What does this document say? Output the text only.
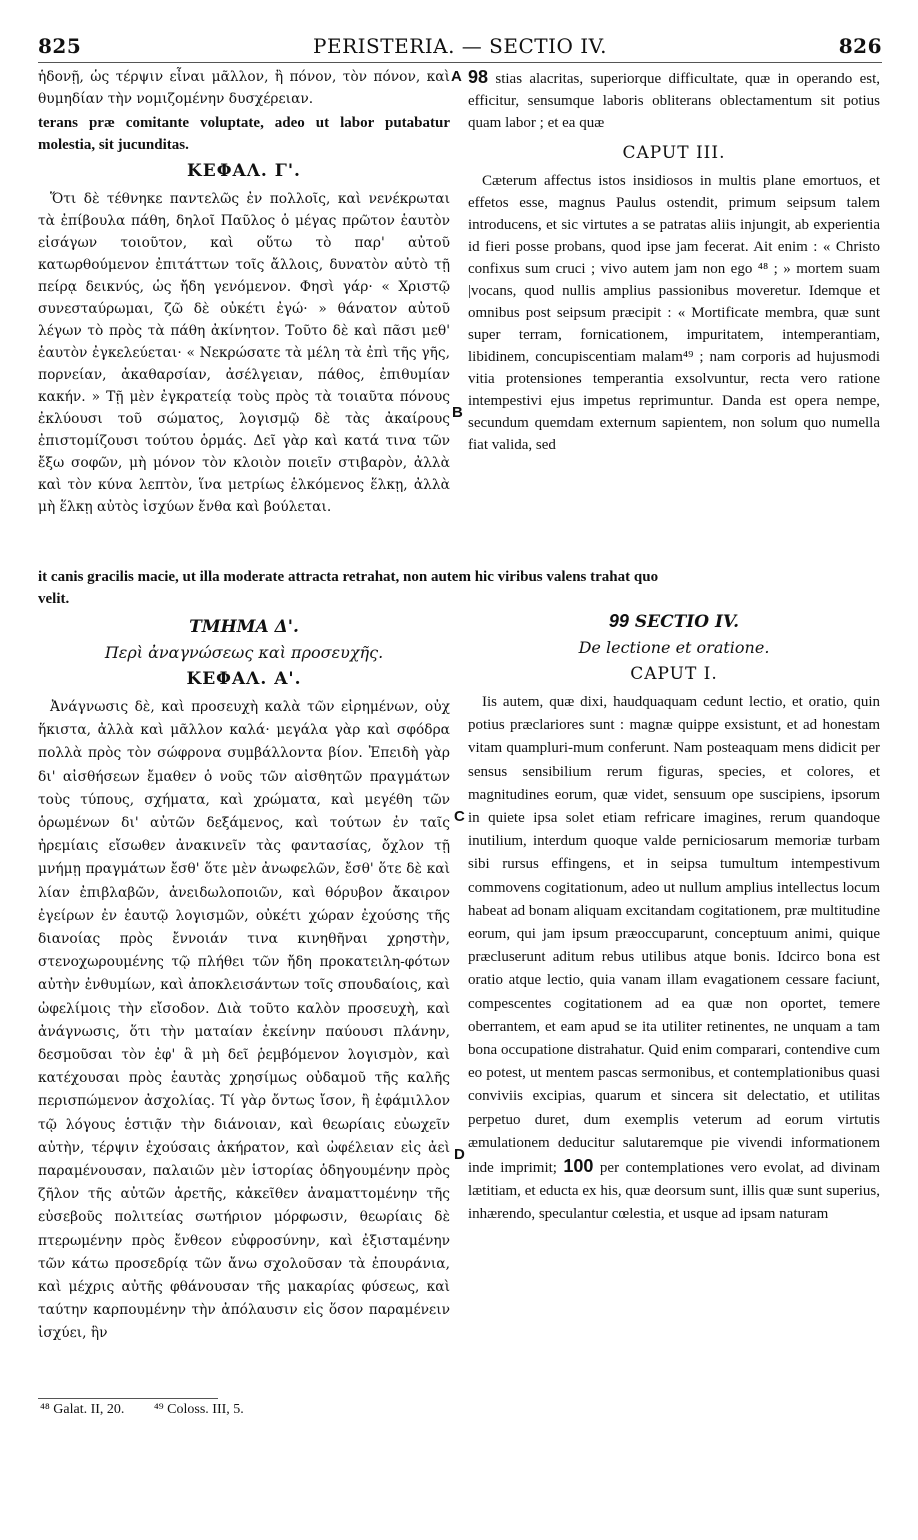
825	PERISTERIA. — SECTIO IV.	826

ἡδονῇ, ὡς τέρψιν εἶναι μᾶλλον, ἢ πόνον, τὸν πόνον, καὶ θυμηδίαν τὴν νομιζομένην δυσχέρειαν.

terans præ comitante voluptate, adeo ut labor putabatur molestia, sit jucunditas.

ΚΕΦΑΛ. Γ'.

Ὅτι δὲ τέθνηκε παντελῶς ἐν πολλοῖς, καὶ νενέκρωται τὰ ἐπίβουλα πάθη, δηλοῖ Παῦλος ὁ μέγας πρῶτον ἑαυτὸν εἰσάγων τοιοῦτον, καὶ οὕτω τὸ παρ' αὐτοῦ κατωρθούμενον ἐπιτάττων τοῖς ἄλλοις, δυνατὸν αὐτὸ τῇ πείρᾳ δεικνύς, ὡς ἤδη γενόμενον. Φησὶ γάρ· « Χριστῷ συνεσταύρωμαι, ζῶ δὲ οὐκέτι ἐγώ· » θάνατον αὐτοῦ λέγων τὸ πρὸς τὰ πάθη ἀκίνητον. Τοῦτο δὲ καὶ πᾶσι μεθ' ἑαυτὸν ἐγκελεύεται· « Νεκρώσατε τὰ μέλη τὰ ἐπὶ τῆς γῆς, πορνείαν, ἀκαθαρσίαν, ἀσέλγειαν, πάθος, ἐπιθυμίαν κακήν. » Τῇ μὲν ἐγκρατείᾳ τοὺς πρὸς τὰ τοιαῦτα πόνους ἐκλύουσι τοῦ σώματος, λογισμῷ δὲ τὰς ἀκαίρους ἐπιστομίζουσι τούτου ὁρμάς. Δεῖ γὰρ καὶ κατά τινα τῶν ἔξω σοφῶν, μὴ μόνον τὸν κλοιὸν ποιεῖν στιβαρὸν, ἀλλὰ καὶ τὸν κύνα λεπτὸν, ἵνα μετρίως ἑλκόμενος ἕλκῃ, ἀλλὰ μὴ ἕλκῃ αὐτὸς ἰσχύων ἔνθα καὶ βούλεται.

98 stias alacritas, superiorque difficultate, quæ in operando est, efficitur, sensumque laboris obliterans oblectamentum sit potius quam labor ; et ea quæ

CAPUT III.

Cæterum affectus istos insidiosos in multis plane emortuos, et effetos esse, magnus Paulus ostendit, primum seipsum talem introducens, et sic virtutes a se patratas aliis injungit, ab experientia id fieri posse probans, quod ipse jam fecerat. Ait enim : « Christo confixus sum cruci ; vivo autem jam non ego ⁴⁸ ; » mortem suam |vocans, quod nullis amplius passionibus moveretur. Idemque et omnibus post seipsum præcipit : « Mortificate membra, quæ sunt super terram, fornicationem, impuritatem, intemperantiam, libidinem, concupiscentiam malam⁴⁹ ; nam corporis ad hujusmodi vitia protensiones temperantia exsolvuntur, recta vero ratione intempestivi ejus impetus reprimuntur. Danda est opera nempe, secundum quemdam externum sapientem, non solum quo numella fiat valida, sed

it canis gracilis macie, ut illa moderate attracta retrahat, non autem hic viribus valens trahat quo
velit.
ΤΜΗΜΑ Δ'.
Περὶ ἀναγνώσεως καὶ προσευχῆς.
ΚΕΦΑΛ. Α'.

Ἀνάγνωσις δὲ, καὶ προσευχὴ καλὰ τῶν εἰρημένων, οὐχ ἥκιστα, ἀλλὰ καὶ μᾶλλον καλά· μεγάλα γὰρ καὶ σφόδρα πολλὰ πρὸς τὸν σώφρονα συμβάλλοντα βίον. Ἐπειδὴ γὰρ δι' αἰσθήσεων ἔμαθεν ὁ νοῦς τῶν αἰσθητῶν πραγμάτων τοὺς τύπους, σχήματα, καὶ χρώματα, καὶ μεγέθη τῶν ὁρωμένων δι' αὐτῶν δεξάμενος, καὶ τούτων ἐν ταῖς ἠρεμίαις εἴσωθεν ἀνακινεῖν τὰς φαντασίας, ὄχλον τῇ μνήμῃ πραγμάτων ἔσθ' ὅτε μὲν ἀνωφελῶν, ἔσθ' ὅτε δὲ καὶ λίαν ἐπιβλαβῶν, ἀνειδωλοποιῶν, καὶ θόρυβον ἄκαιρον ἐγείρων ἐν ἑαυτῷ λογισμῶν, οὐκέτι χώραν ἐχούσης τῆς διανοίας πρὸς ἔννοιάν τινα κινηθῆναι χρηστὴν, στενοχωρουμένης τῷ πλήθει τῶν ἤδη προκατειλη-φότων αὐτὴν ἐνθυμίων, καὶ ἀποκλεισάντων τοῖς σπουδαίοις, καὶ ὠφελίμοις τὴν εἴσοδον. Διὰ τοῦτο καλὸν προσευχὴ, καὶ ἀνάγνωσις, ὅτι τὴν ματαίαν ἐκείνην παύουσι πλάνην, δεσμοῦσαι τὸν ἐφ' ἃ μὴ δεῖ ῥεμβόμενον λογισμὸν, καὶ κατέχουσαι πρὸς ἑαυτὰς χρησίμως οὐδαμοῦ τῆς καλῆς περισπώμενον ἀσχολίας. Τί γὰρ ὄντως ἴσον, ἢ ἐφάμιλλον τῷ λόγους ἑστιᾷν τὴν διάνοιαν, καὶ θεωρίαις εὐωχεῖν αὐτὴν, τέρψιν ἐχούσαις ἀκήρατον, καὶ ὠφέλειαν εἰς ἀεὶ παραμένουσαν, παλαιῶν μὲν ἱστορίας ὁδηγουμένην πρὸς ζῆλον τῆς αὐτῶν ἀρετῆς, κἀκεῖθεν ἀναματτομένην τῆς εὐσεβοῦς πολιτείας σωτήριον μόρφωσιν, θεωρίαις δὲ πτερωμένην πρὸς ἔνθεον εὐφροσύνην, καὶ ἐξισταμένην τῶν κάτω προσεδρίᾳ τῶν ἄνω σχολοῦσαν τὰ ἐπουράνια, καὶ μέχρις αὐτῆς φθάνουσαν τῆς μακαρίας φύσεως, καὶ ταύτην καρπουμένην τὴν ἀπόλαυσιν εἰς ὅσον παραμένειν ἰσχύει, ἣν

99 SECTIO IV.
De lectione et oratione.
CAPUT I.

Iis autem, quæ dixi, haudquaquam cedunt lectio, et oratio, quin potius præclariores sunt : magnæ quippe exsistunt, et ad honestam vitam quampluri-mum conferunt. Nam posteaquam mens didicit per sensus sensibilium rerum figuras, species, et colores, et magnitudines eorum, quæ videt, sensuum ope suscipiens, ipsorum in quiete ipsa solet etiam refricare imagines, rerum quandoque inutilium, interdum quoque valde perniciosarum memoriæ turbam sibi rursus effingens, et in seipsa tumultum intempestivum commovens cogitationum, adeo ut nullum amplius intellectus locum habeat ad bonam aliquam excitandam cogitationem, præ multitudine eorum, qui jam ipsum præoccuparunt, conceptuum animi, quique præcluserunt aditum rebus utilibus atque bonis. Idcirco bona est oratio atque lectio, quia vanam illam evagationem cessare faciunt, compescentes cogitationem ad ea quæ non oportet, temere oberrantem, et eam apud se ita utiliter retinentes, ne unquam a tam bona occupatione distrahatur. Quid enim comparari, contendive cum eo potest, ut mentem pascas sermonibus, et contemplationibus quasi conviviis excipias, quarum et sincera sit delectatio, et utilitas perpetuo duret, dum exemplis veterum ad eorum virtutis æmulationem deducitur salutaremque pie vivendi informationem inde imprimit; 100 per contemplationes vero evolat, ad divinam lætitiam, et educta ex his, quæ deorsum sunt, illis quæ sunt superius, inhærendo, speculantur cœlestia, et usque ad ipsam naturam

A
B
C
D
⁴⁸ Galat. II, 20. ⁴⁹ Coloss. III, 5.
